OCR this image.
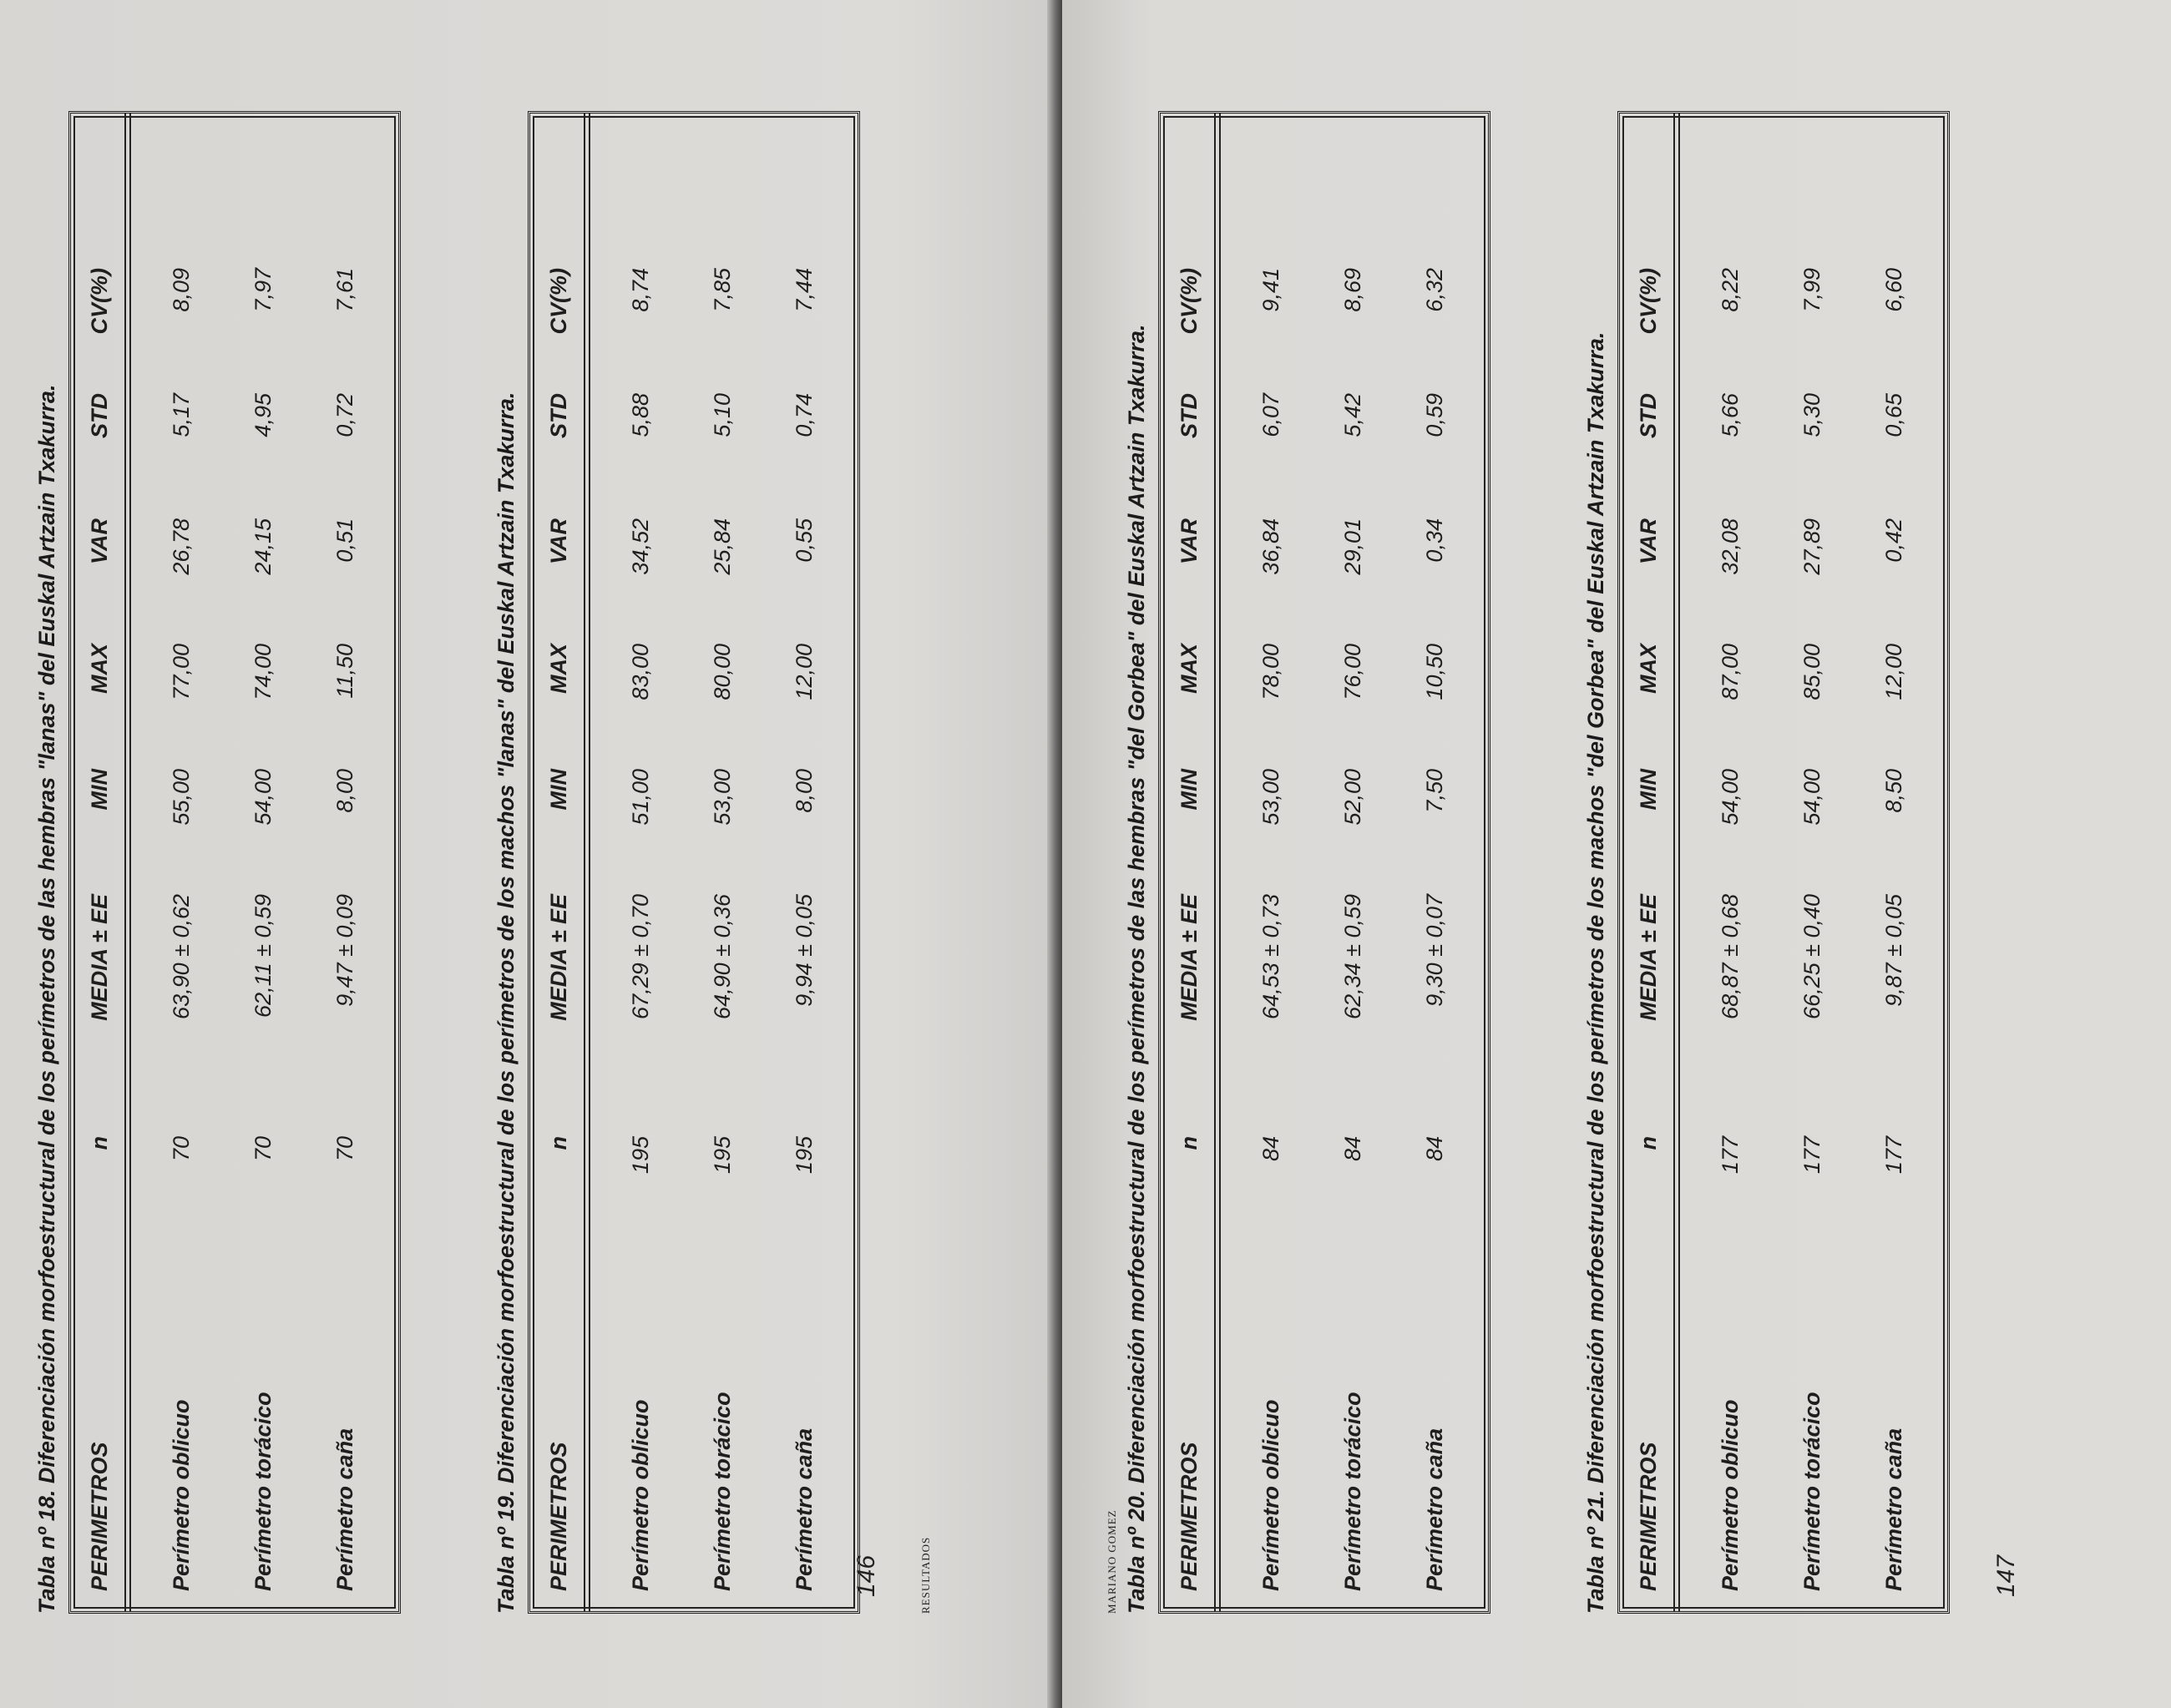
RESULTADOS
Tabla nº 18. Diferenciación morfoestructural de los perímetros de las hembras "lanas" del Euskal Artzain Txakurra. PERIMETROS
n
MEDIA ± EE
MIN
MAX
VAR
STD
CV(%)
Perímetro oblicuo
70
63,90 ± 0,62
55,00
77,00
26,78
5,17
8,09
Perímetro torácico
70
62,11 ± 0,59
54,00
74,00
24,15
4,95
7,97
Perímetro caña
70
9,47 ± 0,09
8,00
11,50
0,51
0,72
7,61
Tabla nº 19. Diferenciación morfoestructural de los perímetros de los machos "lanas" del Euskal Artzain Txakurra. PERIMETROS
n
MEDIA ± EE
MIN
MAX
VAR
STD
CV(%)
Perímetro oblicuo
195
67,29 ± 0,70
51,00
83,00
34,52
5,88
8,74
Perímetro torácico
195
64,90 ± 0,36
53,00
80,00
25,84
5,10
7,85
Perímetro caña
195
9,94 ± 0,05
8,00
12,00
0,55
0,74
7,44
146	MARIANO GOMEZ Tabla nº 20. Diferenciación morfoestructural de los perímetros de las hembras "del Gorbea" del Euskal Artzain Txakurra. PERIMETROS
n
MEDIA ± EE
MIN
MAX
VAR
STD
CV(%)
Perímetro oblicuo
84
64,53 ± 0,73
53,00
78,00
36,84
6,07
9,41
Perímetro torácico
84
62,34 ± 0,59
52,00
76,00
29,01
5,42
8,69
Perímetro caña
84
9,30 ± 0,07
7,50
10,50
0,34
0,59
6,32
Tabla nº 21. Diferenciación morfoestructural de los perímetros de los machos "del Gorbea" del Euskal Artzain Txakurra. PERIMETROS
n
MEDIA ± EE
MIN
MAX
VAR
STD
CV(%)
Perímetro oblicuo
177
68,87 ± 0,68
54,00
87,00
32,08
5,66
8,22
Perímetro torácico
177
66,25 ± 0,40
54,00
85,00
27,89
5,30
7,99
Perímetro caña
177
9,87 ± 0,05
8,50
12,00
0,42
0,65
6,60
147
